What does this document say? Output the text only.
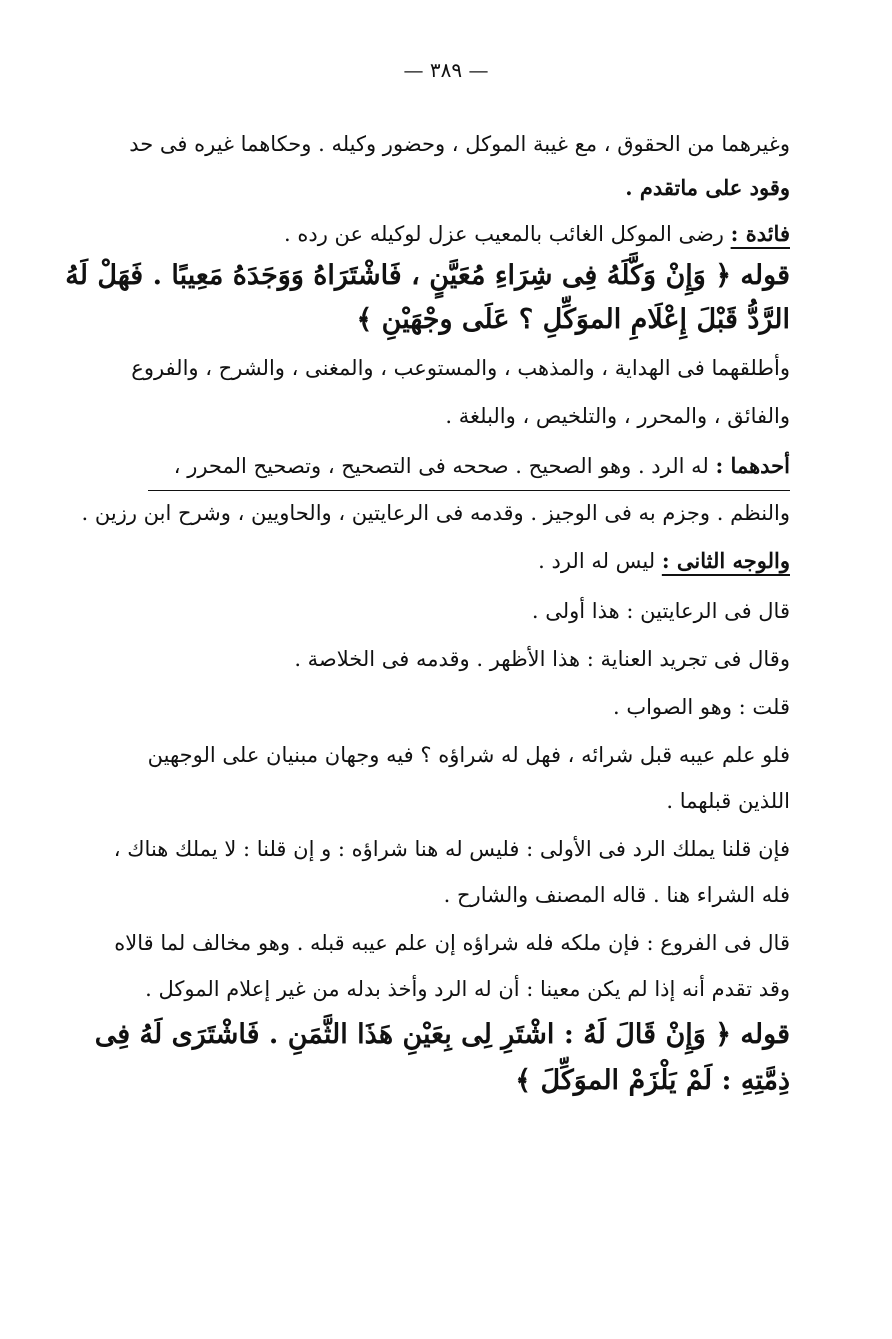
— ٣٨٩ —
وغيرهما من الحقوق ، مع غيبة الموكل ، وحضور وكيله . وحكاهما غيره فى حد
وقود على ماتقدم .
فائدة : رضى الموكل الغائب بالمعيب عزل لوكيله عن رده .
قوله ﴿ وَإِنْ وَكَّلَهُ فِى شِرَاءِ مُعَيَّنٍ ، فَاشْتَرَاهُ وَوَجَدَهُ مَعِيبًا . فَهَلْ لَهُ
الرَّدُّ قَبْلَ إِعْلَامِ الموَكِّلِ ؟ عَلَى وجْهَيْنِ ﴾
وأطلقهما فى الهداية ، والمذهب ، والمستوعب ، والمغنى ، والشرح ، والفروع
والفائق ، والمحرر ، والتلخيص ، والبلغة .
أحدهما : له الرد . وهو الصحيح . صححه فى التصحيح ، وتصحيح المحرر ،
والنظم . وجزم به فى الوجيز . وقدمه فى الرعايتين ، والحاويين ، وشرح ابن رزين .
والوجه الثانى : ليس له الرد .
قال فى الرعايتين : هذا أولى .
وقال فى تجريد العناية : هذا الأظهر . وقدمه فى الخلاصة .
قلت : وهو الصواب .
فلو علم عيبه قبل شرائه ، فهل له شراؤه ؟ فيه وجهان مبنيان على الوجهين
اللذين قبلهما .
فإن قلنا يملك الرد فى الأولى : فليس له هنا شراؤه : و إن قلنا : لا يملك هناك ،
فله الشراء هنا . قاله المصنف والشارح .
قال فى الفروع : فإن ملكه فله شراؤه إن علم عيبه قبله . وهو مخالف لما قالاه
وقد تقدم أنه إذا لم يكن معينا : أن له الرد وأخذ بدله من غير إعلام الموكل .
قوله ﴿ وَإِنْ قَالَ لَهُ : اشْتَرِ لِى بِعَيْنِ هَذَا الثَّمَنِ . فَاشْتَرَى لَهُ فِى
ذِمَّتِهِ : لَمْ يَلْزَمْ الموَكِّلَ ﴾
